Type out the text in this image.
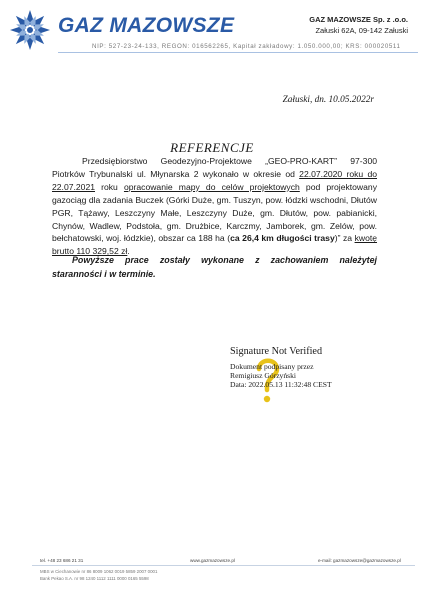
GAZ MAZOWSZE	GAZ MAZOWSZE Sp. z .o.o.
Załuski 62A, 09-142 Załuski
NIP: 527-23-24-133, REGON: 016562265, Kapitał zakładowy: 1.050.000,00; KRS: 000020511
Załuski, dn. 10.05.2022r
REFERENCJE
Przedsiębiorstwo Geodezyjno-Projektowe „GEO-PRO-KART” 97-300 Piotrków Trybunalski ul. Młynarska 2 wykonało w okresie od 22.07.2020 roku do 22.07.2021 roku opracowanie mapy do celów projektowych pod projektowany gazociąg dla zadania Buczek (Górki Duże, gm. Tuszyn, pow. łódzki wschodni, Dłutów PGR, Tążawy, Leszczyny Małe, Leszczyny Duże, gm. Dłutów, pow. pabianicki, Chynów, Wadlew, Podstoła, gm. Drużbice, Karczmy, Jamborek, gm. Zelów, pow. bełchatowski, woj. łódzkie), obszar ca 188 ha (ca 26,4 km długości trasy)” za kwotę brutto 110 329,52 zł.
Powyższe prace zostały wykonane z zachowaniem należytej staranności i w terminie.
Signature Not Verified
Dokument podpisany przez
Remigiusz Górzyński
Data: 2022.05.13 11:32:48 CEST
tel. +48 23 686 21 31	www.gazmazowsze.pl	e-mail: gazmazowsze@gazmazowsze.pl
MBS w Ciechanowie nr 86 8009 1062 0019 5859 2007 0001
Bank Pekao S.A. nr 98 1240 1112 1111 0000 0165 5598
